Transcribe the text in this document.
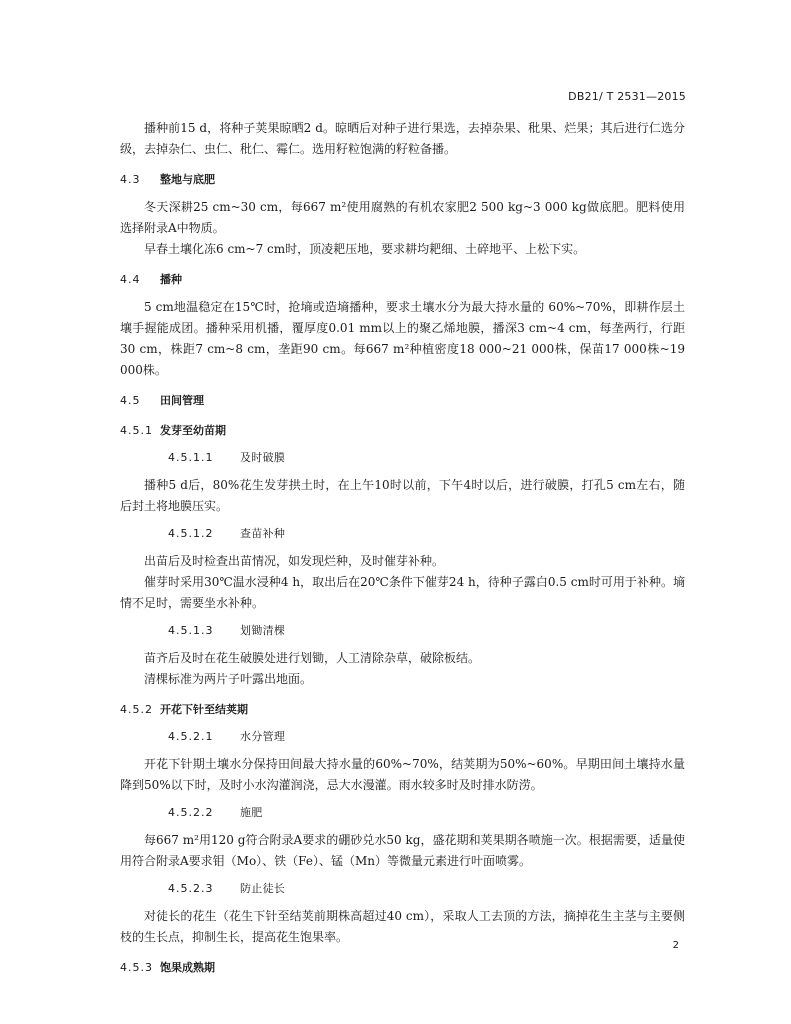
DB21/ T 2531—2015

播种前15 d，将种子荚果晾晒2 d。晾晒后对种子进行果选，去掉杂果、秕果、烂果；其后进行仁选分级，去掉杂仁、虫仁、秕仁、霉仁。选用籽粒饱满的籽粒备播。

4.3 整地与底肥

冬天深耕25 cm~30 cm，每667 m²使用腐熟的有机农家肥2 500 kg~3 000 kg做底肥。肥料使用选择附录A中物质。

早春土壤化冻6 cm~7 cm时，顶凌耙压地，要求耕均耙细、土碎地平、上松下实。

4.4 播种

5 cm地温稳定在15℃时，抢墒或造墒播种，要求土壤水分为最大持水量的 60%~70%，即耕作层土壤手握能成团。播种采用机播，覆厚度0.01 mm以上的聚乙烯地膜，播深3 cm~4 cm，每垄两行，行距30 cm，株距7 cm~8 cm，垄距90 cm。每667 m²种植密度18 000~21 000株，保苗17 000株~19 000株。

4.5 田间管理
4.5.1 发芽至幼苗期
4.5.1.1 及时破膜

播种5 d后，80%花生发芽拱土时，在上午10时以前，下午4时以后，进行破膜，打孔5 cm左右，随后封土将地膜压实。

4.5.1.2 查苗补种

出苗后及时检查出苗情况，如发现烂种，及时催芽补种。

催芽时采用30℃温水浸种4 h，取出后在20℃条件下催芽24 h，待种子露白0.5 cm时可用于补种。墒情不足时，需要坐水补种。

4.5.1.3 划锄清棵

苗齐后及时在花生破膜处进行划锄，人工清除杂草，破除板结。

清棵标准为两片子叶露出地面。

4.5.2 开花下针至结荚期
4.5.2.1 水分管理

开花下针期土壤水分保持田间最大持水量的60%~70%，结荚期为50%~60%。早期田间土壤持水量降到50%以下时，及时小水沟灌润浇，忌大水漫灌。雨水较多时及时排水防涝。

4.5.2.2 施肥

每667 m²用120 g符合附录A要求的硼砂兑水50 kg，盛花期和荚果期各喷施一次。根据需要，适量使用符合附录A要求钼（Mo）、铁（Fe）、锰（Mn）等微量元素进行叶面喷雾。

4.5.2.3 防止徒长

对徒长的花生（花生下针至结荚前期株高超过40 cm），采取人工去顶的方法，摘掉花生主茎与主要侧枝的生长点，抑制生长，提高花生饱果率。

4.5.3 饱果成熟期
2
